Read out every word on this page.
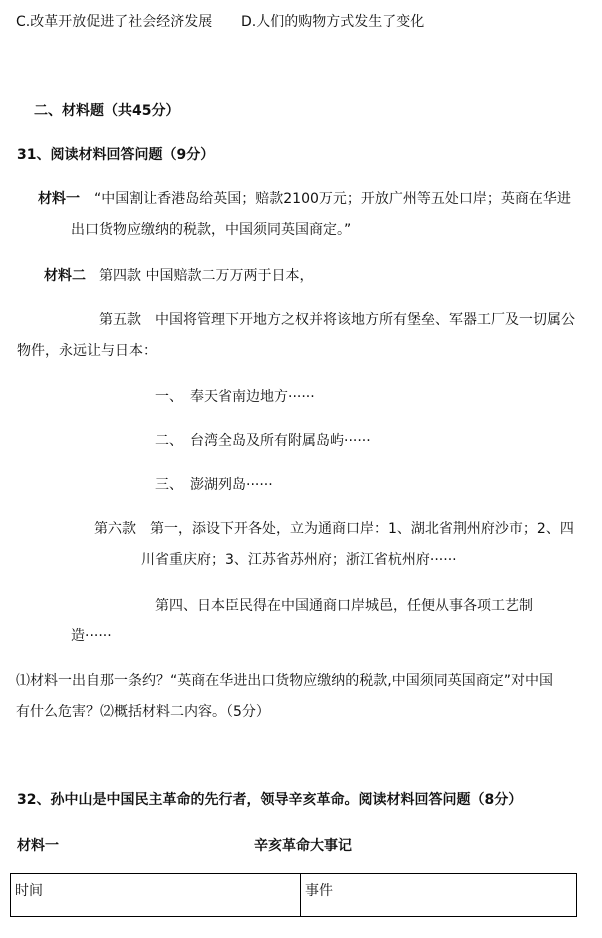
C.改革开放促进了社会经济发展 D.人们的购物方式发生了变化
二、材料题（共45分）
31、阅读材料回答问题（9分）
材料一 “中国割让香港岛给英国；赔款2100万元；开放广州等五处口岸；英商在华进
出口货物应缴纳的税款，中国须同英国商定。”
材料二 第四款 中国赔款二万万两于日本，
第五款　中国将管理下开地方之权并将该地方所有堡垒、军器工厂及一切属公
物件，永远让与日本：
一、　奉天省南边地方······
二、　台湾全岛及所有附属岛屿······
三、　澎湖列岛······
第六款　第一，添设下开各处，立为通商口岸：1、湖北省荆州府沙市；2、四
川省重庆府；3、江苏省苏州府；浙江省杭州府······
第四、日本臣民得在中国通商口岸城邑，任便从事各项工艺制
造······
⑴材料一出自那一条约？“英商在华进出口货物应缴纳的税款,中国须同英国商定”对中国
有什么危害？⑵概括材料二内容。（5分）
32、孙中山是中国民主革命的先行者，领导辛亥革命。阅读材料回答问题（8分）
材料一	辛亥革命大事记
时间	事件
